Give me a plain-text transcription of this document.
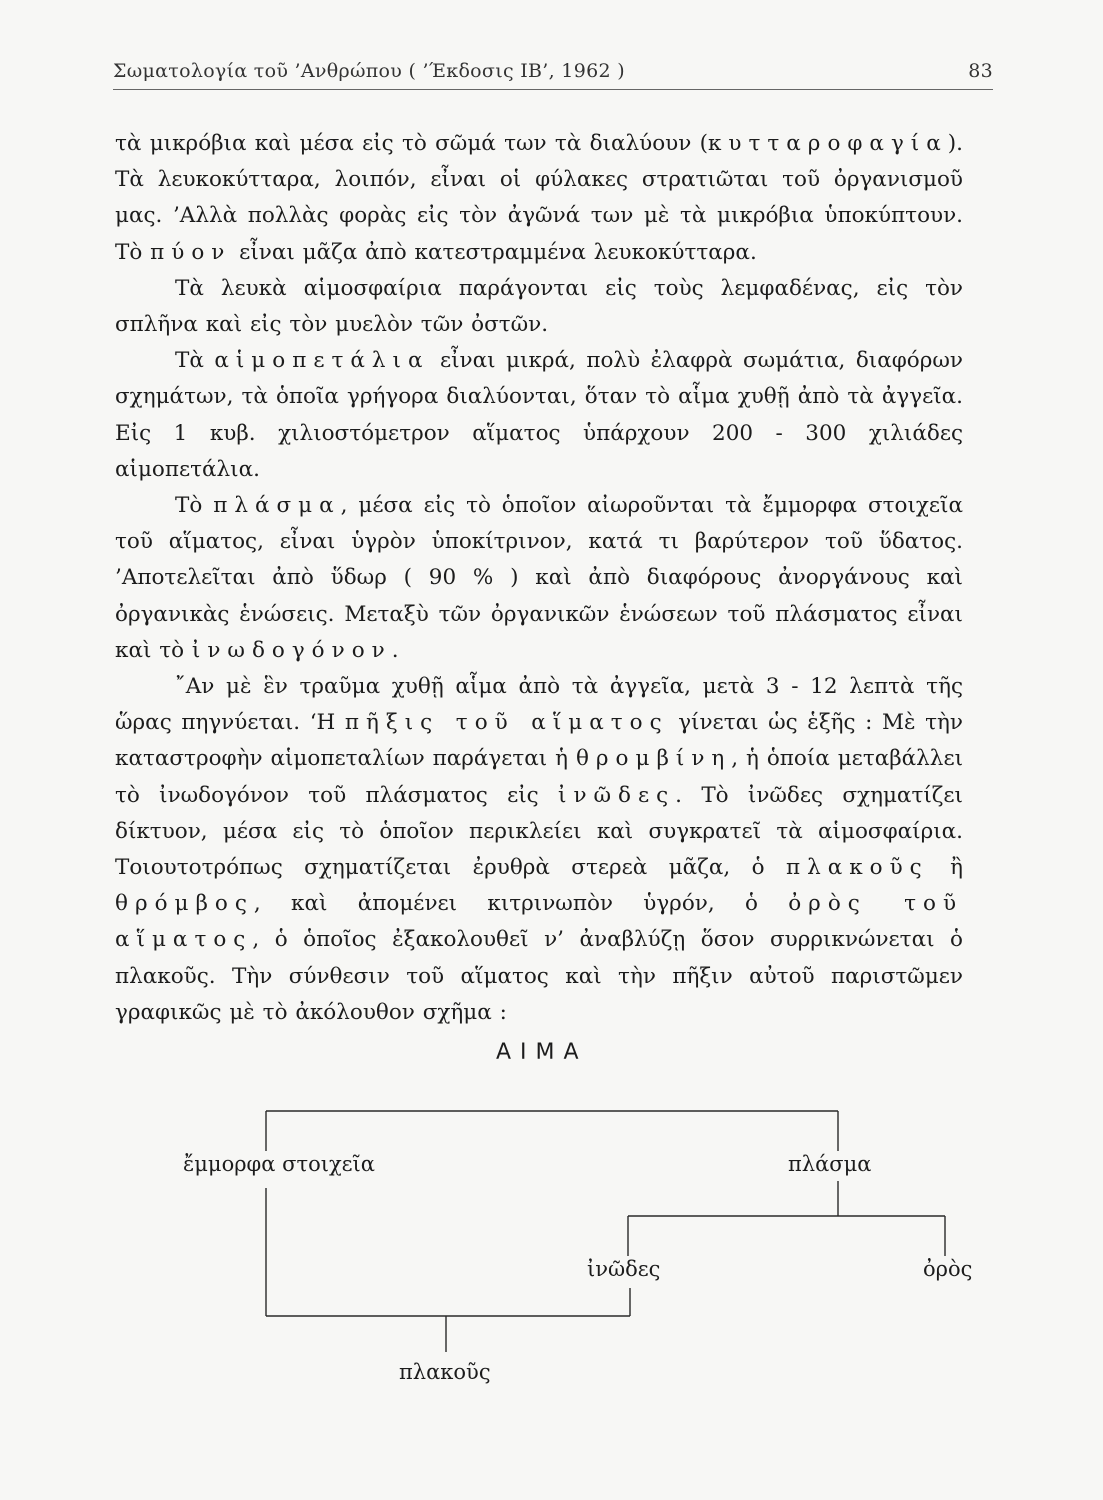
Σωματολογία τοῦ ’Ανθρώπου ( ’Έκδοσις ΙΒ’, 1962 )	83

τὰ μικρόβια καὶ μέσα εἰς τὸ σῶμά των τὰ διαλύουν (κυτταροφαγία). Τὰ λευκοκύτταρα, λοιπόν, εἶναι οἱ φύλακες στρατιῶται τοῦ ὀργανισμοῦ μας. ’Αλλὰ πολλὰς φορὰς εἰς τὸν ἀγῶνά των μὲ τὰ μικρόβια ὑποκύπτουν. Τὸ πύον εἶναι μᾶζα ἀπὸ κατεστραμμένα λευκοκύτταρα.

Τὰ λευκὰ αἱμοσφαίρια παράγονται εἰς τοὺς λεμφαδένας, εἰς τὸν σπλῆνα καὶ εἰς τὸν μυελὸν τῶν ὀστῶν.

Τὰ αἱμοπετάλια εἶναι μικρά, πολὺ ἐλαφρὰ σωμάτια, διαφόρων σχημάτων, τὰ ὁποῖα γρήγορα διαλύονται, ὅταν τὸ αἷμα χυθῇ ἀπὸ τὰ ἀγγεῖα. Εἰς 1 κυβ. χιλιοστόμετρον αἵματος ὑπάρχουν 200 - 300 χιλιάδες αἱμοπετάλια.

Τὸ πλάσμα, μέσα εἰς τὸ ὁποῖον αἰωροῦνται τὰ ἔμμορφα στοιχεῖα τοῦ αἵματος, εἶναι ὑγρὸν ὑποκίτρινον, κατά τι βαρύτερον τοῦ ὕδατος. ’Αποτελεῖται ἀπὸ ὕδωρ ( 90 % ) καὶ ἀπὸ διαφόρους ἀνοργάνους καὶ ὀργανικὰς ἑνώσεις. Μεταξὺ τῶν ὀργανικῶν ἑνώσεων τοῦ πλάσματος εἶναι καὶ τὸ ἰνωδογόνον.

῎Αν μὲ ἓν τραῦμα χυθῇ αἷμα ἀπὸ τὰ ἀγγεῖα, μετὰ 3 - 12 λεπτὰ τῆς ὥρας πηγνύεται. ‘Η πῆξις τοῦ αἵματος γίνεται ὡς ἑξῆς : Μὲ τὴν καταστροφὴν αἱμοπεταλίων παράγεται ἡ θρομβίνη, ἡ ὁποία μεταβάλλει τὸ ἰνωδογόνον τοῦ πλάσματος εἰς ἰνῶδες. Τὸ ἰνῶδες σχηματίζει δίκτυον, μέσα εἰς τὸ ὁποῖον περικλείει καὶ συγκρατεῖ τὰ αἱμοσφαίρια. Τοιουτοτρόπως σχηματίζεται ἐρυθρὰ στερεὰ μᾶζα, ὁ πλακοῦς ἢ θρόμβος, καὶ ἀπομένει κιτρινωπὸν ὑγρόν, ὁ ὀρὸς τοῦ αἵματος, ὁ ὁποῖος ἐξακολουθεῖ ν’ ἀναβλύζῃ ὅσον συρρικνώνεται ὁ πλακοῦς. Τὴν σύνθεσιν τοῦ αἵματος καὶ τὴν πῆξιν αὐτοῦ παριστῶμεν γραφικῶς μὲ τὸ ἀκόλουθον σχῆμα :

ΑΙΜΑ
ἔμμορφα στοιχεῖα	πλάσμα
ἰνῶδες	ὀρὸς
πλακοῦς
